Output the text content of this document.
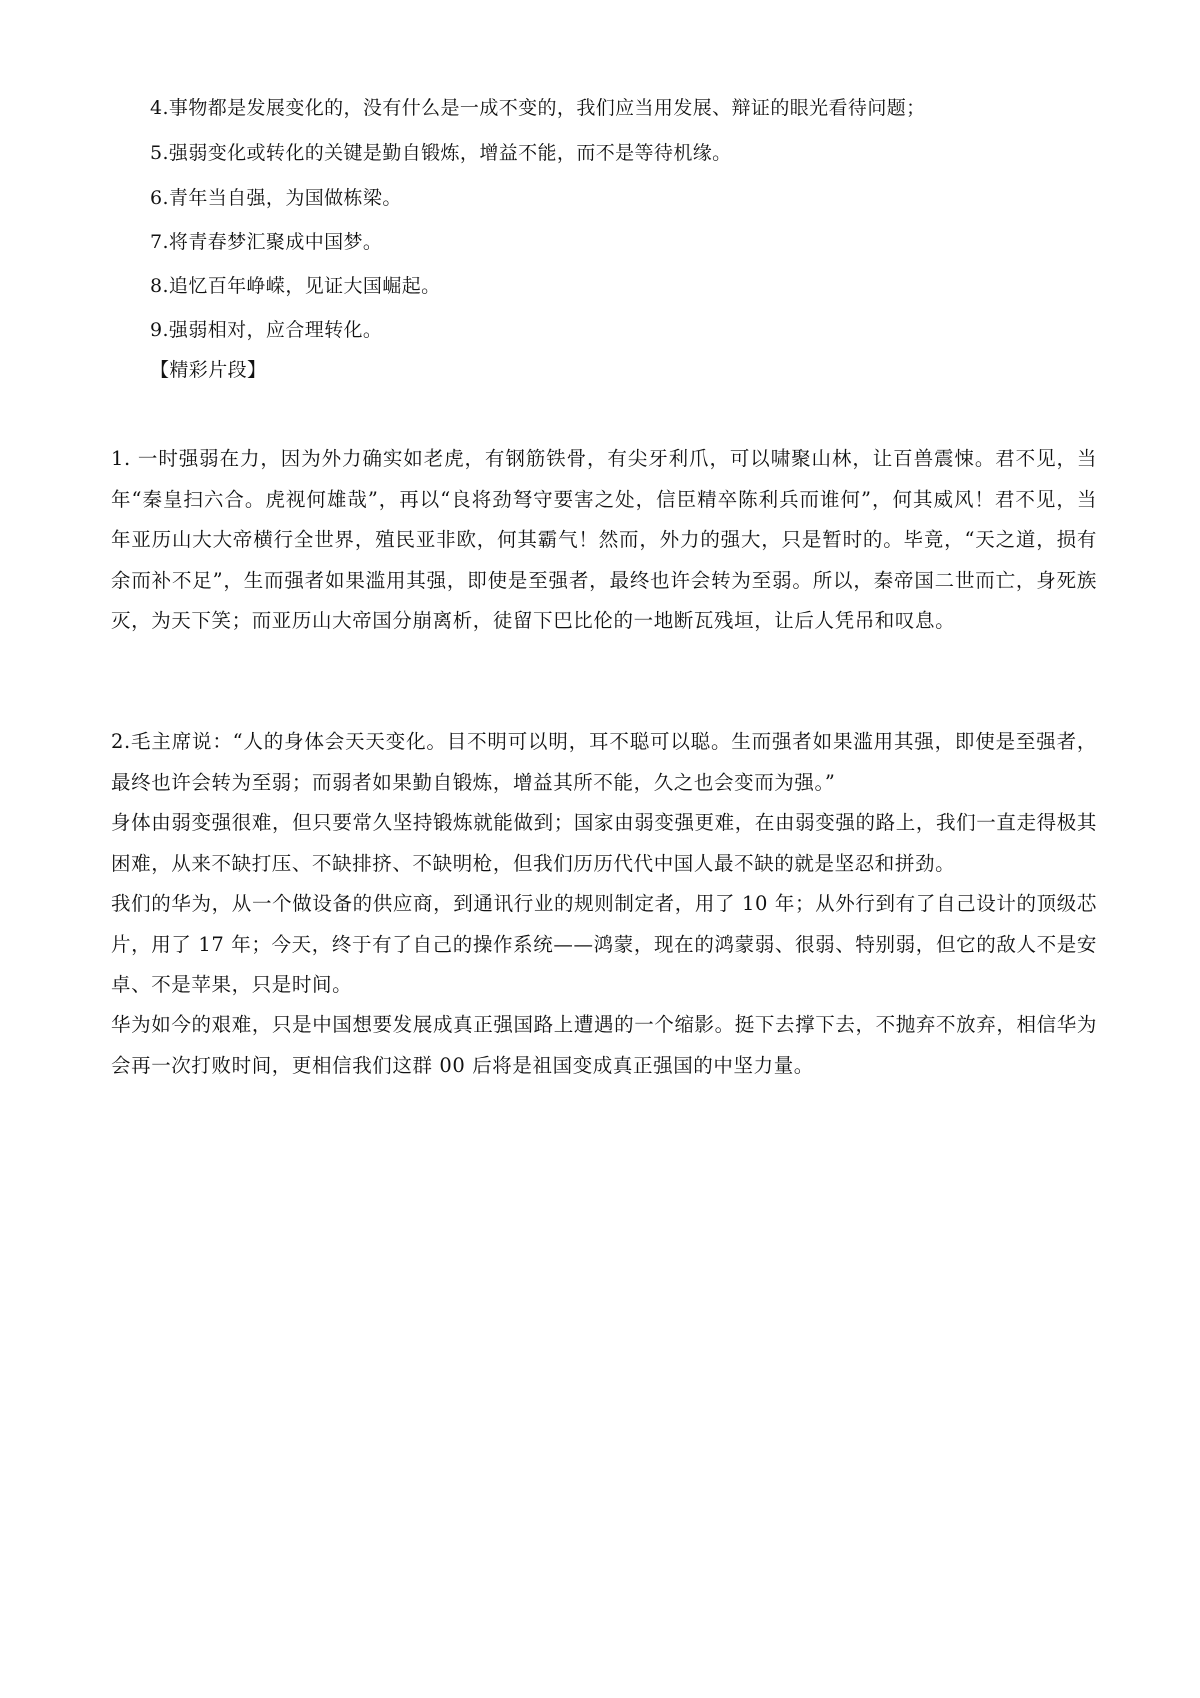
4.事物都是发展变化的，没有什么是一成不变的，我们应当用发展、辩证的眼光看待问题；

5.强弱变化或转化的关键是勤自锻炼，增益不能，而不是等待机缘。

6.青年当自强，为国做栋梁。

7.将青春梦汇聚成中国梦。

8.追忆百年峥嵘，见证大国崛起。

9.强弱相对，应合理转化。

【精彩片段】

1. 一时强弱在力，因为外力确实如老虎，有钢筋铁骨，有尖牙利爪，可以啸聚山林，让百兽震悚。君不见，当年“秦皇扫六合。虎视何雄哉”，再以“良将劲弩守要害之处，信臣精卒陈利兵而谁何”，何其威风！君不见，当年亚历山大大帝横行全世界，殖民亚非欧，何其霸气！然而，外力的强大，只是暂时的。毕竟，“天之道，损有余而补不足”，生而强者如果滥用其强，即使是至强者，最终也许会转为至弱。所以，秦帝国二世而亡，身死族灭，为天下笑；而亚历山大帝国分崩离析，徒留下巴比伦的一地断瓦残垣，让后人凭吊和叹息。

2.毛主席说：“人的身体会天天变化。目不明可以明，耳不聪可以聪。生而强者如果滥用其强，即使是至强者，最终也许会转为至弱；而弱者如果勤自锻炼，增益其所不能，久之也会变而为强。”

身体由弱变强很难，但只要常久坚持锻炼就能做到；国家由弱变强更难，在由弱变强的路上，我们一直走得极其困难，从来不缺打压、不缺排挤、不缺明枪，但我们历历代代中国人最不缺的就是坚忍和拼劲。

我们的华为，从一个做设备的供应商，到通讯行业的规则制定者，用了 10 年；从外行到有了自己设计的顶级芯片，用了 17 年；今天，终于有了自己的操作系统——鸿蒙，现在的鸿蒙弱、很弱、特别弱，但它的敌人不是安卓、不是苹果，只是时间。

华为如今的艰难，只是中国想要发展成真正强国路上遭遇的一个缩影。挺下去撑下去，不抛弃不放弃，相信华为会再一次打败时间，更相信我们这群 00 后将是祖国变成真正强国的中坚力量。
